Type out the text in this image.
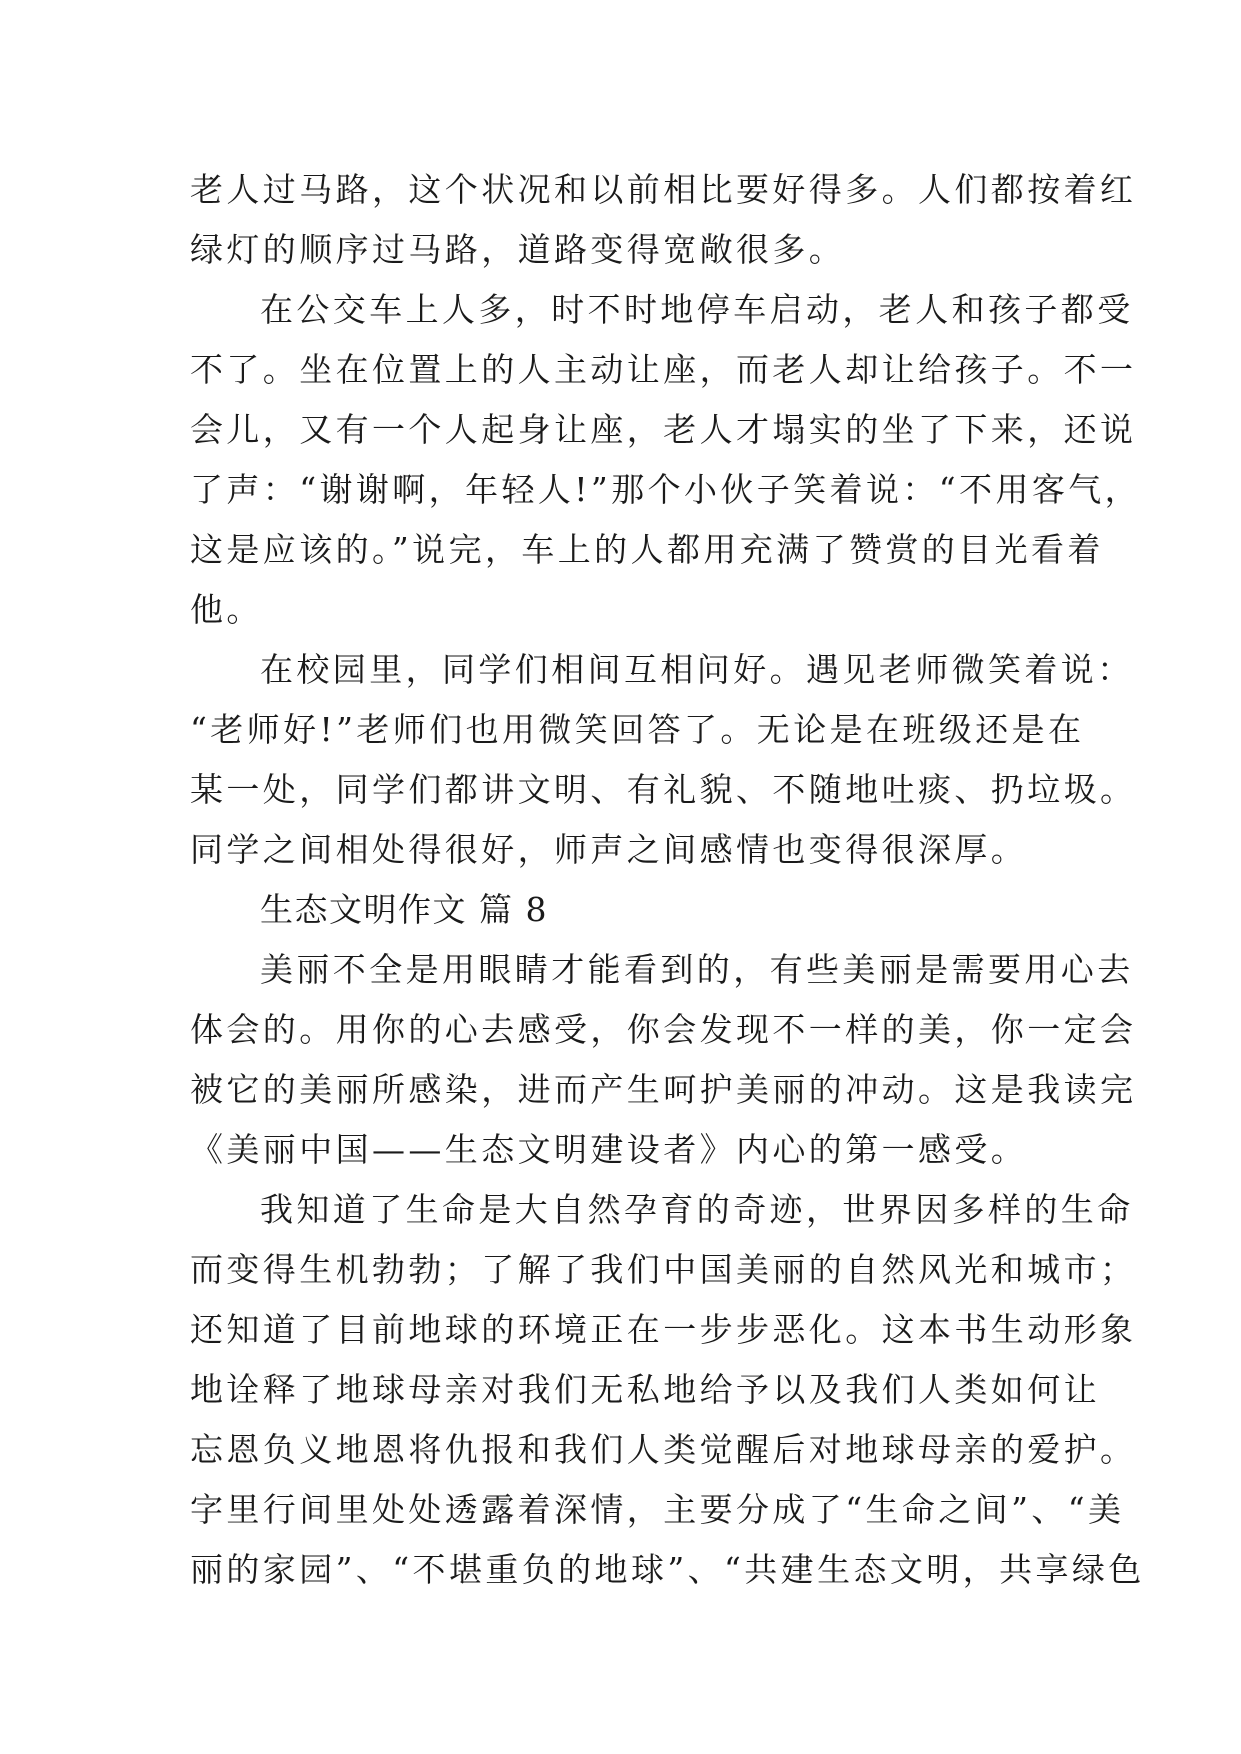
老人过马路，这个状况和以前相比要好得多。人们都按着红
绿灯的顺序过马路，道路变得宽敞很多。
在公交车上人多，时不时地停车启动，老人和孩子都受
不了。坐在位置上的人主动让座，而老人却让给孩子。不一
会儿，又有一个人起身让座，老人才塌实的坐了下来，还说
了声：“谢谢啊，年轻人!”那个小伙子笑着说：“不用客气，
这是应该的。”说完，车上的人都用充满了赞赏的目光看着
他。
在校园里，同学们相间互相问好。遇见老师微笑着说：
“老师好!”老师们也用微笑回答了。无论是在班级还是在
某一处，同学们都讲文明、有礼貌、不随地吐痰、扔垃圾。
同学之间相处得很好，师声之间感情也变得很深厚。
生态文明作文 篇 8
美丽不全是用眼睛才能看到的，有些美丽是需要用心去
体会的。用你的心去感受，你会发现不一样的美，你一定会
被它的美丽所感染，进而产生呵护美丽的冲动。这是我读完
《美丽中国——生态文明建设者》内心的第一感受。
我知道了生命是大自然孕育的奇迹，世界因多样的生命
而变得生机勃勃；了解了我们中国美丽的自然风光和城市；
还知道了目前地球的环境正在一步步恶化。这本书生动形象
地诠释了地球母亲对我们无私地给予以及我们人类如何让
忘恩负义地恩将仇报和我们人类觉醒后对地球母亲的爱护。
字里行间里处处透露着深情，主要分成了“生命之间”、“美
丽的家园”、“不堪重负的地球”、“共建生态文明，共享绿色
